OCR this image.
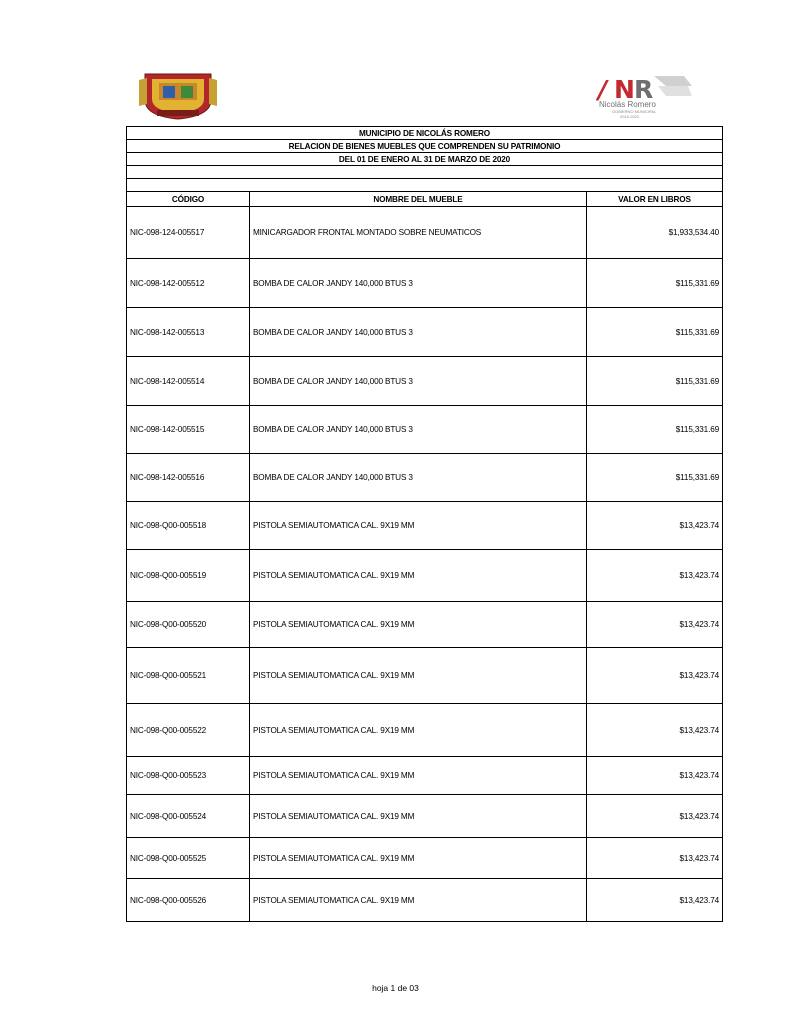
/ N R
Nicolás Romero
GOBIERNO MUNICIPAL
2019-2021
MUNICIPIO DE NICOLÁS ROMERO		
RELACION DE BIENES MUEBLES QUE COMPRENDEN SU PATRIMONIO		
DEL 01 DE ENERO AL 31 DE MARZO DE 2020		

CÓDIGO	NOMBRE DEL MUEBLE	VALOR EN LIBROS
NIC-098-124-005517	MINICARGADOR FRONTAL MONTADO SOBRE NEUMATICOS	$1,933,534.40
NIC-098-142-005512	BOMBA DE CALOR JANDY 140,000 BTUS 3	$115,331.69
NIC-098-142-005513	BOMBA DE CALOR JANDY 140,000 BTUS 3	$115,331.69
NIC-098-142-005514	BOMBA DE CALOR JANDY 140,000 BTUS 3	$115,331.69
NIC-098-142-005515	BOMBA DE CALOR JANDY 140,000 BTUS 3	$115,331.69
NIC-098-142-005516	BOMBA DE CALOR JANDY 140,000 BTUS 3	$115,331.69
NIC-098-Q00-005518	PISTOLA SEMIAUTOMATICA CAL. 9X19 MM	$13,423.74
NIC-098-Q00-005519	PISTOLA SEMIAUTOMATICA CAL. 9X19 MM	$13,423.74
NIC-098-Q00-005520	PISTOLA SEMIAUTOMATICA CAL. 9X19 MM	$13,423.74
NIC-098-Q00-005521	PISTOLA SEMIAUTOMATICA CAL. 9X19 MM	$13,423.74
NIC-098-Q00-005522	PISTOLA SEMIAUTOMATICA CAL. 9X19 MM	$13,423.74
NIC-098-Q00-005523	PISTOLA SEMIAUTOMATICA CAL. 9X19 MM	$13,423.74
NIC-098-Q00-005524	PISTOLA SEMIAUTOMATICA CAL. 9X19 MM	$13,423.74
NIC-098-Q00-005525	PISTOLA SEMIAUTOMATICA CAL. 9X19 MM	$13,423.74
NIC-098-Q00-005526	PISTOLA SEMIAUTOMATICA CAL. 9X19 MM	$13,423.74
hoja 1 de 03
